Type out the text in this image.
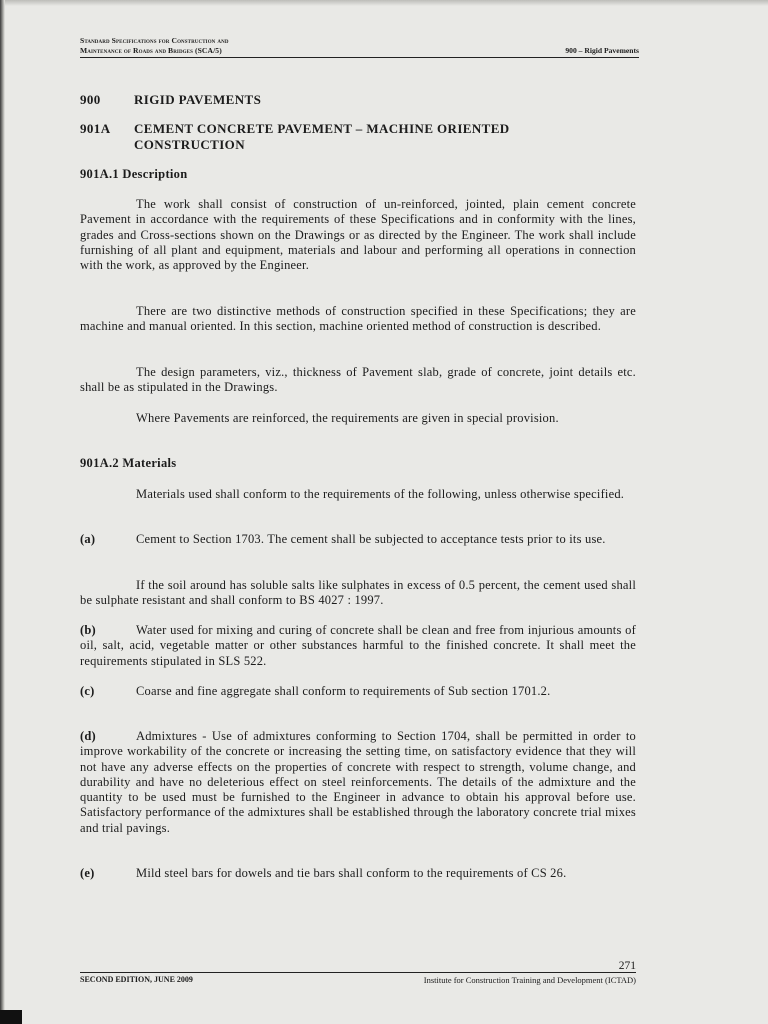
Standard Specifications for Construction and
Maintenance of Roads and Bridges (SCA/5)	900 – Rigid Pavements
900	RIGID PAVEMENTS
901A CEMENT CONCRETE PAVEMENT – MACHINE ORIENTED CONSTRUCTION
901A.1 Description
The work shall consist of construction of un-reinforced, jointed, plain cement concrete Pavement in accordance with the requirements of these Specifications and in conformity with the lines, grades and Cross-sections shown on the Drawings or as directed by the Engineer. The work shall include furnishing of all plant and equipment, materials and labour and performing all operations in connection with the work, as approved by the Engineer.
There are two distinctive methods of construction specified in these Specifications; they are machine and manual oriented. In this section, machine oriented method of construction is described.
The design parameters, viz., thickness of Pavement slab, grade of concrete, joint details etc. shall be as stipulated in the Drawings.
Where Pavements are reinforced, the requirements are given in special provision.
901A.2 Materials
Materials used shall conform to the requirements of the following, unless otherwise specified.
(a)	Cement to Section 1703. The cement shall be subjected to acceptance tests prior to its use.
If the soil around has soluble salts like sulphates in excess of 0.5 percent, the cement used shall be sulphate resistant and shall conform to BS 4027 : 1997.
(b)	Water used for mixing and curing of concrete shall be clean and free from injurious amounts of oil, salt, acid, vegetable matter or other substances harmful to the finished concrete. It shall meet the requirements stipulated in SLS 522.
(c)	Coarse and fine aggregate shall conform to requirements of Sub section 1701.2.
(d)	Admixtures - Use of admixtures conforming to Section 1704, shall be permitted in order to improve workability of the concrete or increasing the setting time, on satisfactory evidence that they will not have any adverse effects on the properties of concrete with respect to strength, volume change, and durability and have no deleterious effect on steel reinforcements. The details of the admixture and the quantity to be used must be furnished to the Engineer in advance to obtain his approval before use. Satisfactory performance of the admixtures shall be established through the laboratory concrete trial mixes and trial pavings.
(e)	Mild steel bars for dowels and tie bars shall conform to the requirements of CS 26.
271
SECOND EDITION, JUNE 2009	Institute for Construction Training and Development (ICTAD)
